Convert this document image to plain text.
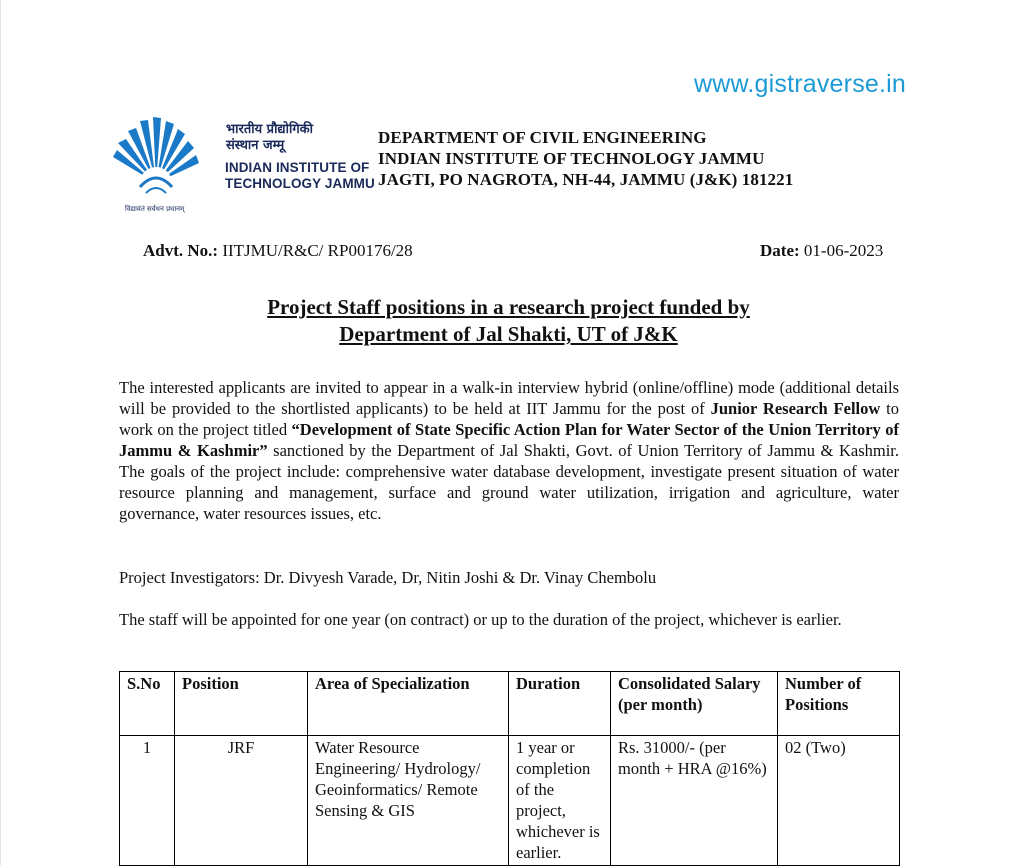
www.gistraverse.in
भारतीय प्रौद्योगिकी
संस्थान जम्मू
INDIAN INSTITUTE OF
TECHNOLOGY JAMMU
विद्यावंतं सर्वधन प्रधानम्
DEPARTMENT OF CIVIL ENGINEERING
INDIAN INSTITUTE OF TECHNOLOGY JAMMU
JAGTI, PO NAGROTA, NH-44, JAMMU (J&K) 181221
Advt. No.: IITJMU/R&C/ RP00176/28	Date: 01-06-2023
Project Staff positions in a research project funded by
Department of Jal Shakti, UT of J&K
The interested applicants are invited to appear in a walk-in interview hybrid (online/offline) mode (additional details will be provided to the shortlisted applicants) to be held at IIT Jammu for the post of Junior Research Fellow to work on the project titled “Development of State Specific Action Plan for Water Sector of the Union Territory of Jammu & Kashmir” sanctioned by the Department of Jal Shakti, Govt. of Union Territory of Jammu & Kashmir. The goals of the project include: comprehensive water database development, investigate present situation of water resource planning and management, surface and ground water utilization, irrigation and agriculture, water governance, water resources issues, etc.
Project Investigators: Dr. Divyesh Varade, Dr, Nitin Joshi & Dr. Vinay Chembolu
The staff will be appointed for one year (on contract) or up to the duration of the project, whichever is earlier.
S.No	Position	Area of Specialization	Duration	Consolidated Salary (per month)	Number of Positions
1	JRF	Water Resource Engineering/ Hydrology/ Geoinformatics/ Remote Sensing & GIS	1 year or completion of the project, whichever is earlier.	Rs. 31000/- (per month + HRA @16%)	02 (Two)
